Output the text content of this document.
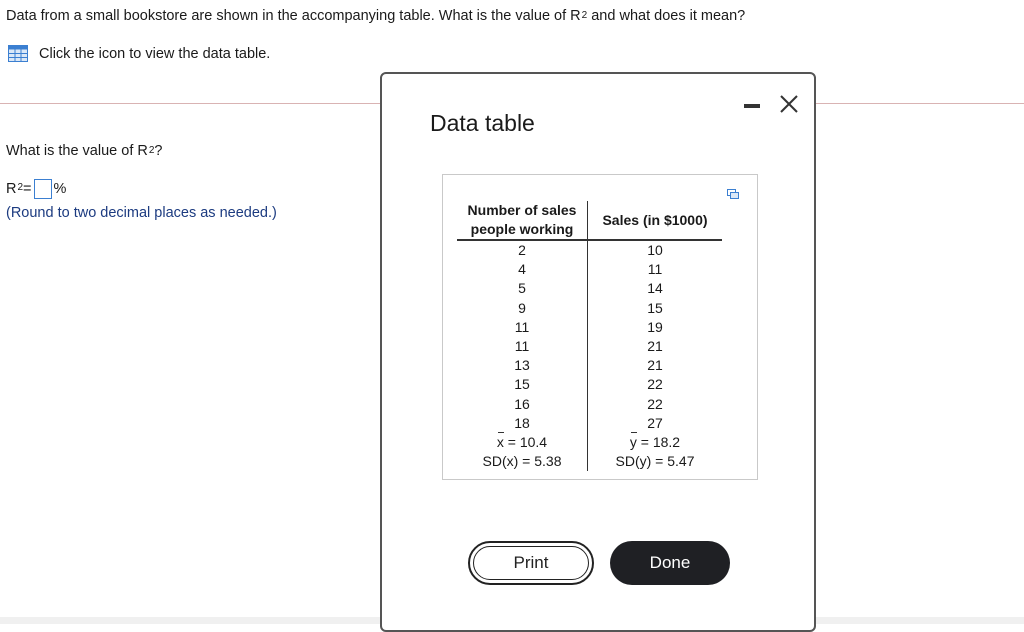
Data from a small bookstore are shown in the accompanying table. What is the value of $R^2$ and what does it mean?
Click the icon to view the data table.
What is the value of $R^2$?
$R^2$ = %
(Round to two decimal places as needed.)
Data table
Number of sales people working	Sales (in $1000)
2	10
4	11
5	14
9	15
11	19
11	21
13	21
15	22
16	22
18	27
x = 10.4	y = 18.2
SD(x) = 5.38	SD(y) = 5.47
Print	Done
